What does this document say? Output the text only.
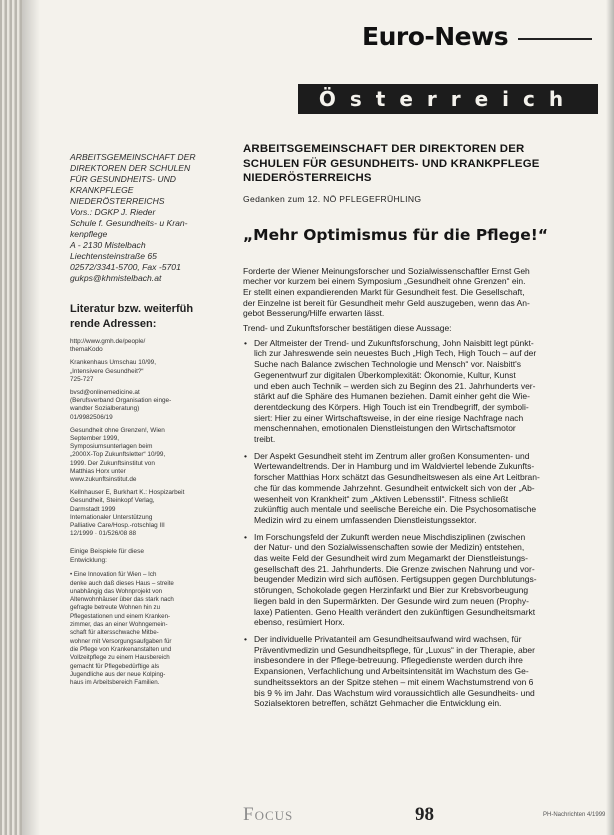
Euro-News
Österreich
ARBEITSGEMEINSCHAFT DER
DIREKTOREN DER SCHULEN
FÜR GESUNDHEITS- UND
KRANKPFLEGE
NIEDERÖSTERREICHS
Vors.: DGKP J. Rieder
Schule f. Gesundheits- u Kran-
kenpflege
A - 2130 Mistelbach
Liechtensteinstraße 65
02572/3341-5700, Fax -5701
gukps@khmistelbach.at
Literatur bzw. weiterfüh
rende Adressen:
http://www.gmh.de/people/
themaKodo
Krankenhaus Umschau 10/99,
„Intensivere Gesundheit?“
725-727
bvsd@onlinemedicine.at
(Berufsverband Organisation einge-
wandter Sozialberatung)
01/9982506/19
Gesundheit ohne Grenzen!, Wien
September 1999,
Symposiumsunterlagen beim
„2000X-Top Zukunftsletter“ 10/99,
1999. Der Zukunftsinstitut von
Matthias Horx unter
www.zukunftsinstitut.de
Kellnhauser E, Burkhart K.: Hospizarbeit
Gesundheit, Steinkopf Verlag,
Darmstadt 1999
Internationaler Unterstützung
Palliative Care/Hosp.-rotschlag III
12/1999 · 01/526/08 88
Einige Beispiele für diese
Entwicklung:
• Eine Innovation für Wien – Ich
denke auch daß dieses Haus – streite
unabhängig das Wohnprojekt von
Altenwohnhäuser über das stark nach
gefragte betreute Wohnen hin zu
Pflegestationen und einem Kranken-
zimmer, das an einer Wohngemein-
schaft für altersschwache Mitbe-
wohner mit Versorgungsaufgaben für
die Pflege von Krankenanstalten und
Vollzeitpflege zu einem Hausbereich
gemacht für Pflegebedürftige als
Jugendliche aus der neue Kolping-
haus im Arbeitsbereich Familien.
ARBEITSGEMEINSCHAFT DER DIREKTOREN DER
SCHULEN FÜR GESUNDHEITS- UND KRANKPFLEGE
NIEDERÖSTERREICHS
Gedanken zum 12. NÖ PFLEGEFRÜHLING
„Mehr Optimismus für die Pflege!“
Forderte der Wiener Meinungsforscher und Sozialwissenschaftler Ernst Geh
mecher vor kurzem bei einem Symposium „Gesundheit ohne Grenzen“ ein.
Er stellt einen expandierenden Markt für Gesundheit fest. Die Gesellschaft,
der Einzelne ist bereit für Gesundheit mehr Geld auszugeben, wenn das An-
gebot Besserung/Hilfe erwarten lässt.
Trend- und Zukunftsforscher bestätigen diese Aussage:
• Der Altmeister der Trend- und Zukunftsforschung, John Naisbitt legt pünkt-
lich zur Jahreswende sein neuestes Buch „High Tech, High Touch – auf der
Suche nach Balance zwischen Technologie und Mensch“ vor. Naisbitt's
Gegenentwurf zur digitalen Überkomplexität: Ökonomie, Kultur, Kunst
und eben auch Technik – werden sich zu Beginn des 21. Jahrhunderts ver-
stärkt auf die Sphäre des Humanen beziehen. Damit einher geht die Wie-
derentdeckung des Körpers. High Touch ist ein Trendbegriff, der symboli-
siert: Hier zu einer Wirtschaftsweise, in der eine riesige Nachfrage nach
menschennahen, emotionalen Dienstleistungen den Wirtschaftsmotor
treibt.
• Der Aspekt Gesundheit steht im Zentrum aller großen Konsumenten- und
Wertewandeltrends. Der in Hamburg und im Waldviertel lebende Zukunfts-
forscher Matthias Horx schätzt das Gesundheitswesen als eine Art Leitbran-
che für das kommende Jahrzehnt. Gesundheit entwickelt sich von der „Ab-
wesenheit von Krankheit“ zum „Aktiven Lebensstil“. Fitness schließt
zukünftig auch mentale und seelische Bereiche ein. Die Psychosomatische
Medizin wird zu einem umfassenden Dienstleistungssektor.
• Im Forschungsfeld der Zukunft werden neue Mischdisziplinen (zwischen
der Natur- und den Sozialwissenschaften sowie der Medizin) entstehen,
das weite Feld der Gesundheit wird zum Megamarkt der Dienstleistungs-
gesellschaft des 21. Jahrhunderts. Die Grenze zwischen Nahrung und vor-
beugender Medizin wird sich auflösen. Fertigsuppen gegen Durchblutungs-
störungen, Schokolade gegen Herzinfarkt und Bier zur Krebsvorbeugung
liegen bald in den Supermärkten. Der Gesunde wird zum neuen (Prophy-
laxe) Patienten. Geno Health verändert den zukünftigen Gesundheitsmarkt
ebenso, resümiert Horx.
• Der individuelle Privatanteil am Gesundheitsaufwand wird wachsen, für
Präventivmedizin und Gesundheitspflege, für „Luxus“ in der Therapie, aber
insbesondere in der Pflege-betreuung. Pflegedienste werden durch ihre
Expansionen, Verfachlichung und Arbeitsintensität im Wachstum des Ge-
sundheitssektors an der Spitze stehen – mit einem Wachstumstrend von 6
bis 9 % im Jahr. Das Wachstum wird voraussichtlich alle Gesundheits- und
Sozialsektoren betreffen, schätzt Gehmacher die Entwicklung ein.
Focus	98	PH-Nachrichten 4/1999
